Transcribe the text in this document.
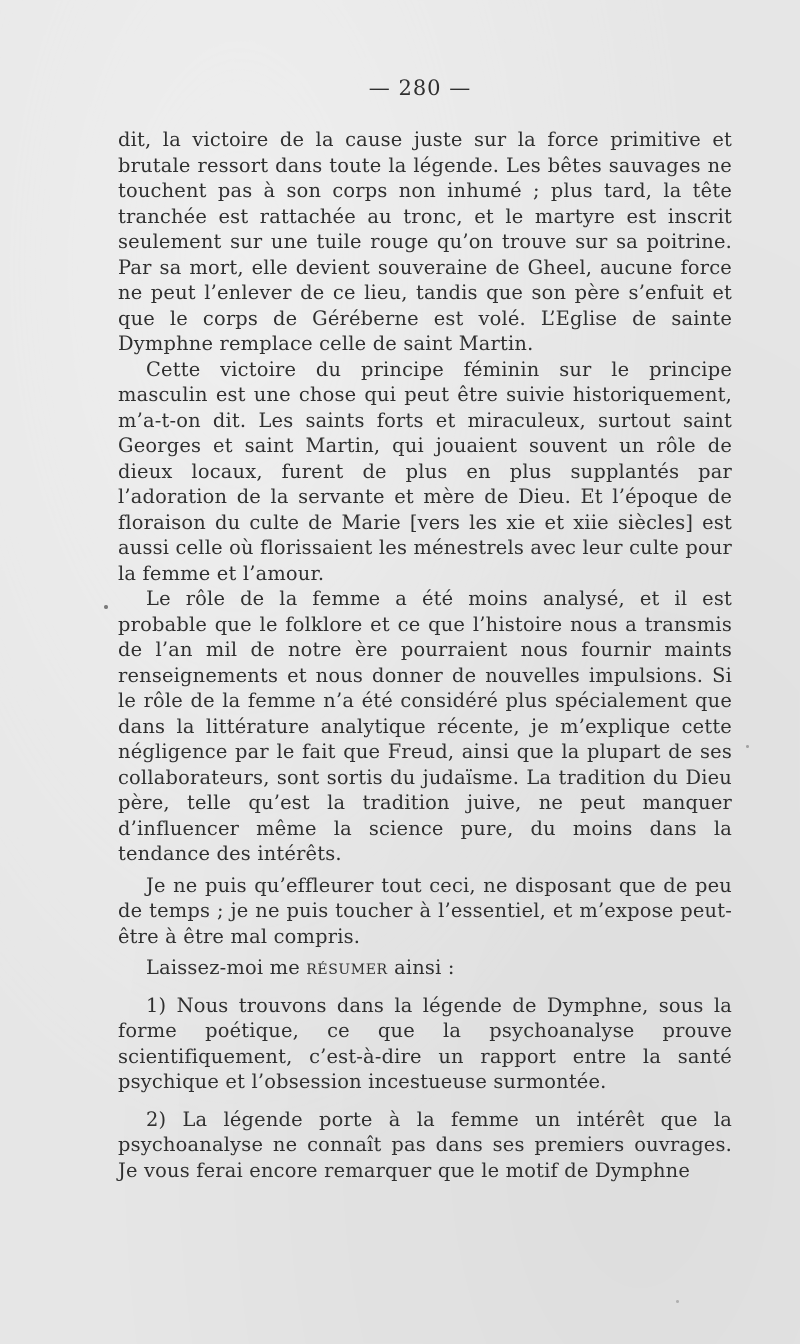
— 280 —

dit, la victoire de la cause juste sur la force primitive et brutale ressort dans toute la légende. Les bêtes sauvages ne touchent pas à son corps non inhumé ; plus tard, la tête tranchée est rattachée au tronc, et le martyre est inscrit seulement sur une tuile rouge qu’on trouve sur sa poitrine. Par sa mort, elle devient souveraine de Gheel, aucune force ne peut l’enlever de ce lieu, tandis que son père s’enfuit et que le corps de Géréberne est volé. L’Eglise de sainte Dymphne remplace celle de saint Martin.

Cette victoire du principe féminin sur le principe masculin est une chose qui peut être suivie historiquement, m’a-t-on dit. Les saints forts et miraculeux, surtout saint Georges et saint Martin, qui jouaient souvent un rôle de dieux locaux, furent de plus en plus supplantés par l’adoration de la servante et mère de Dieu. Et l’époque de floraison du culte de Marie [vers les xie et xiie siècles] est aussi celle où florissaient les ménestrels avec leur culte pour la femme et l’amour.

Le rôle de la femme a été moins analysé, et il est probable que le folklore et ce que l’histoire nous a transmis de l’an mil de notre ère pourraient nous fournir maints renseignements et nous donner de nouvelles impulsions. Si le rôle de la femme n’a été considéré plus spécialement que dans la littérature analytique récente, je m’explique cette négligence par le fait que Freud, ainsi que la plupart de ses collaborateurs, sont sortis du judaïsme. La tradition du Dieu père, telle qu’est la tradition juive, ne peut manquer d’influencer même la science pure, du moins dans la tendance des intérêts.

Je ne puis qu’effleurer tout ceci, ne disposant que de peu de temps ; je ne puis toucher à l’essentiel, et m’expose peut-être à être mal compris.

Laissez-moi me résumer ainsi :

1) Nous trouvons dans la légende de Dymphne, sous la forme poétique, ce que la psychoanalyse prouve scientifiquement, c’est-à-dire un rapport entre la santé psychique et l’obsession incestueuse surmontée.

2) La légende porte à la femme un intérêt que la psychoanalyse ne connaît pas dans ses premiers ouvrages. Je vous ferai encore remarquer que le motif de Dymphne
